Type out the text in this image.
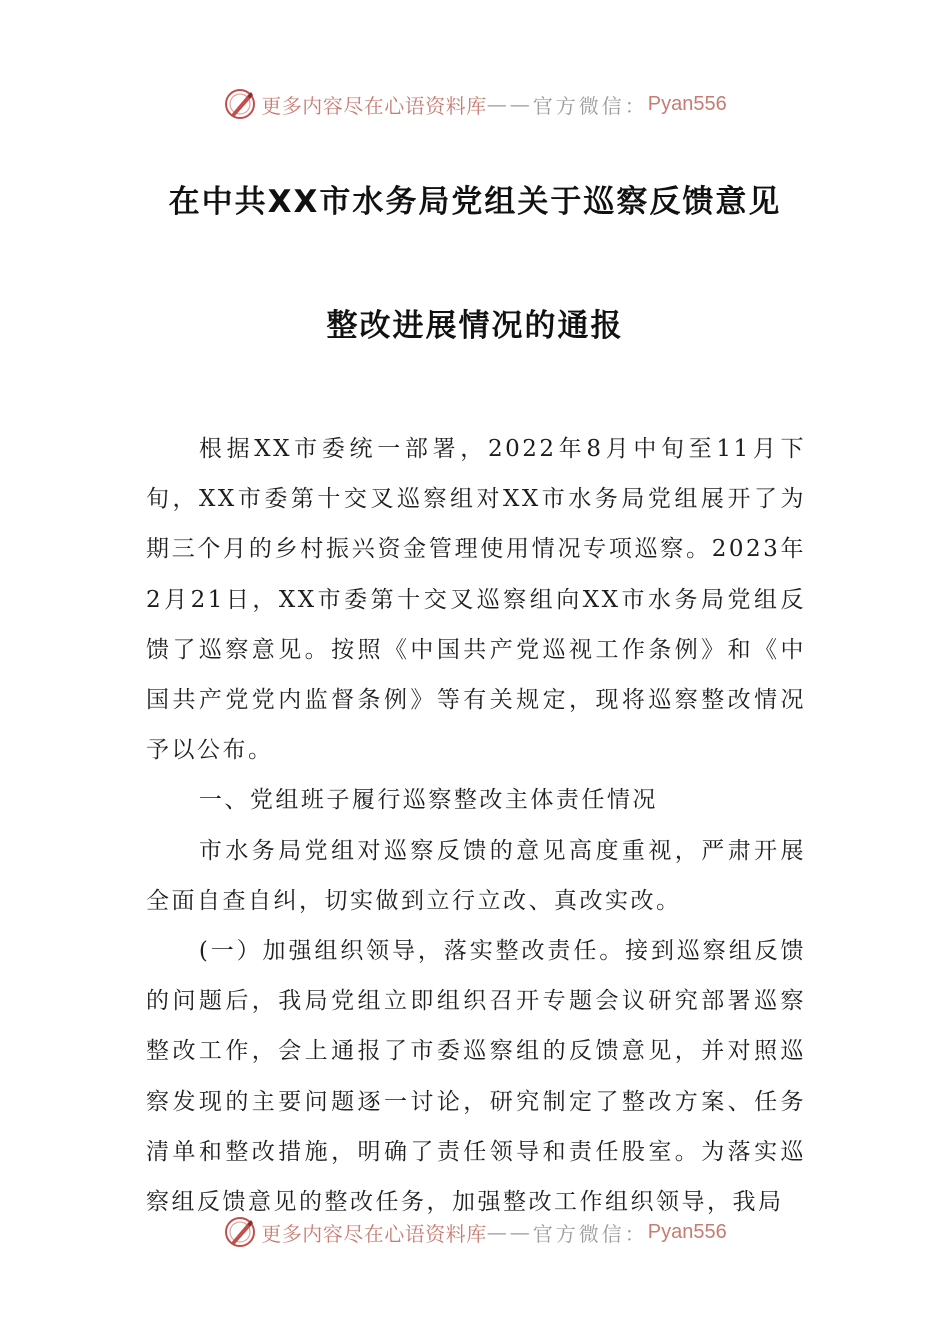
更多内容尽在心语资料库 —— 官方微信： Pyan556
在中共XX市水务局党组关于巡察反馈意见
整改进展情况的通报

根据XX市委统一部署，2022年8月中旬至11月下旬，XX市委第十交叉巡察组对XX市水务局党组展开了为期三个月的乡村振兴资金管理使用情况专项巡察。2023年2月21日，XX市委第十交叉巡察组向XX市水务局党组反馈了巡察意见。按照《中国共产党巡视工作条例》和《中国共产党党内监督条例》等有关规定，现将巡察整改情况予以公布。

一、党组班子履行巡察整改主体责任情况

市水务局党组对巡察反馈的意见高度重视，严肃开展全面自查自纠，切实做到立行立改、真改实改。

(一）加强组织领导，落实整改责任。接到巡察组反馈的问题后，我局党组立即组织召开专题会议研究部署巡察整改工作，会上通报了市委巡察组的反馈意见，并对照巡察发现的主要问题逐一讨论，研究制定了整改方案、任务清单和整改措施，明确了责任领导和责任股室。为落实巡察组反馈意见的整改任务，加强整改工作组织领导，我局

更多内容尽在心语资料库 —— 官方微信： Pyan556
